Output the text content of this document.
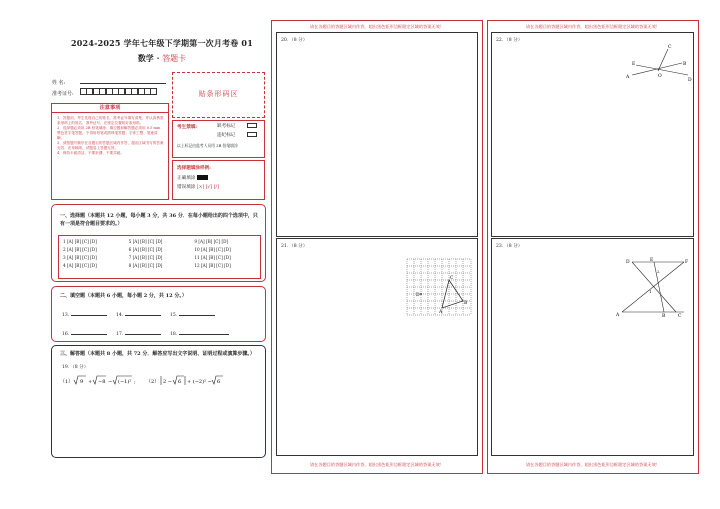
2024-2025 学年七年级下学期第一次月考卷 01
数学 · 答题卡
姓 名:
准考证号:	贴条形码区
注意事项
1．答题前，考生先将自己的姓名，准考证号填写清楚，并认真核准条形码上的姓名、准考证号，在规定位置贴好条形码。
2．选择题必须用 2B 铅笔填涂；填空题和解答题必须用 0.5 mm 黑色签字笔答题，不得用铅笔或圆珠笔答题；字体工整、笔迹清晰。
3．请按题号顺序在各题目的答题区域内作答，超出区域书写的答案无效；在草稿纸、试题卷上答题无效。
4．保持卡面清洁，不要折叠、不要弄破。
考生禁填:	缺考标记
违纪标记
以上标记由监考人员用 2B 铅笔填涂
选择题填涂样例:
正确填涂
错误填涂 [×] [√] [/]
一、选择题（本题共 12 小题，每小题 3 分，共 36 分．在每小题给出的四个选项中，只有一项是符合题目要求的。）
1 [A] [B] [C] [D]	5 [A] [B] [C] [D]	9 [A] [B] [C] [D]
2 [A] [B] [C] [D]	6 [A] [B] [C] [D]	10 [A] [B] [C] [D]
3 [A] [B] [C] [D]	7 [A] [B] [C] [D]	11 [A] [B] [C] [D]
4 [A] [B] [C] [D]	8 [A] [B] [C] [D]	12 [A] [B] [C] [D]
二、填空题（本题共 6 小题，每小题 2 分，共 12 分。）
13.	14.	15.
16.	17.	18.
三、解答题（本题共 8 小题，共 72 分．解答应写出文字说明、证明过程或演算步骤。）
19．（8 分）
（1） 9 + −8 − (−1)² ; （2） 2 − 6 + (−2)² − 6
请在各题目的答题区域内作答，超出黑色矩形边框限定区域的答案无效！
20．（8 分）
21．（8 分）
C
A
B
D
请在各题目的答题区域内作答，超出黑色矩形边框限定区域的答案无效！
请在各题目的答题区域内作答，超出黑色矩形边框限定区域的答案无效！
22．（8 分）
A
B
C
D
E
O
23．（8 分）
D	E	F
A	B	C
1
2
请在各题目的答题区域内作答，超出黑色矩形边框限定区域的答案无效！
